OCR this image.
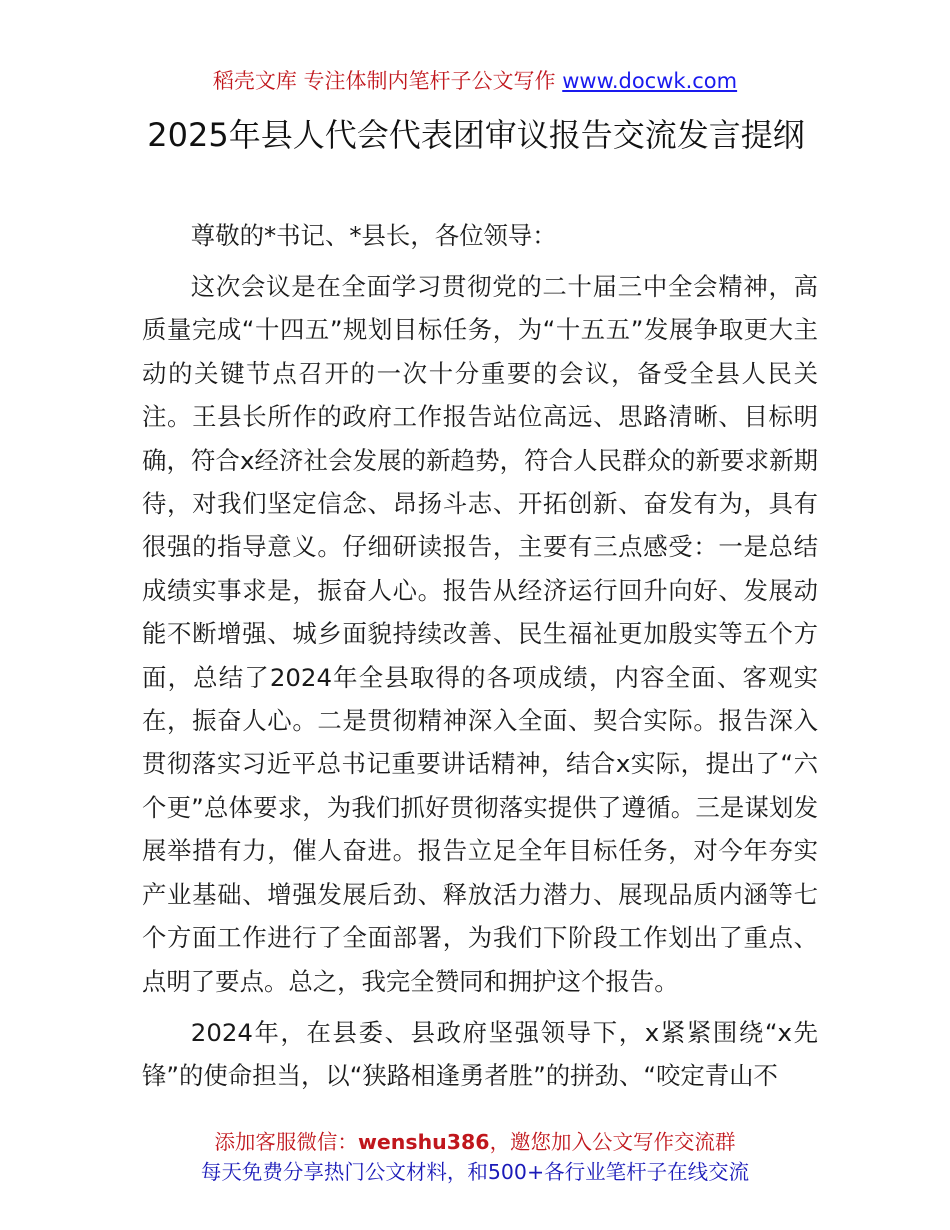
稻壳文库 专注体制内笔杆子公文写作 www.docwk.com
2025年县人代会代表团审议报告交流发言提纲

尊敬的*书记、*县长，各位领导：

这次会议是在全面学习贯彻党的二十届三中全会精神，高质量完成“十四五”规划目标任务，为“十五五”发展争取更大主动的关键节点召开的一次十分重要的会议，备受全县人民关注。王县长所作的政府工作报告站位高远、思路清晰、目标明确，符合x经济社会发展的新趋势，符合人民群众的新要求新期待，对我们坚定信念、昂扬斗志、开拓创新、奋发有为，具有很强的指导意义。仔细研读报告，主要有三点感受：一是总结成绩实事求是，振奋人心。报告从经济运行回升向好、发展动能不断增强、城乡面貌持续改善、民生福祉更加殷实等五个方面，总结了2024年全县取得的各项成绩，内容全面、客观实在，振奋人心。二是贯彻精神深入全面、契合实际。报告深入贯彻落实习近平总书记重要讲话精神，结合x实际，提出了“六个更”总体要求，为我们抓好贯彻落实提供了遵循。三是谋划发展举措有力，催人奋进。报告立足全年目标任务，对今年夯实产业基础、增强发展后劲、释放活力潜力、展现品质内涵等七个方面工作进行了全面部署，为我们下阶段工作划出了重点、点明了要点。总之，我完全赞同和拥护这个报告。

2024年，在县委、县政府坚强领导下，x紧紧围绕“x先锋”的使命担当，以“狭路相逢勇者胜”的拼劲、“咬定青山不

添加客服微信：wenshu386，邀您加入公文写作交流群
每天免费分享热门公文材料，和500+各行业笔杆子在线交流
